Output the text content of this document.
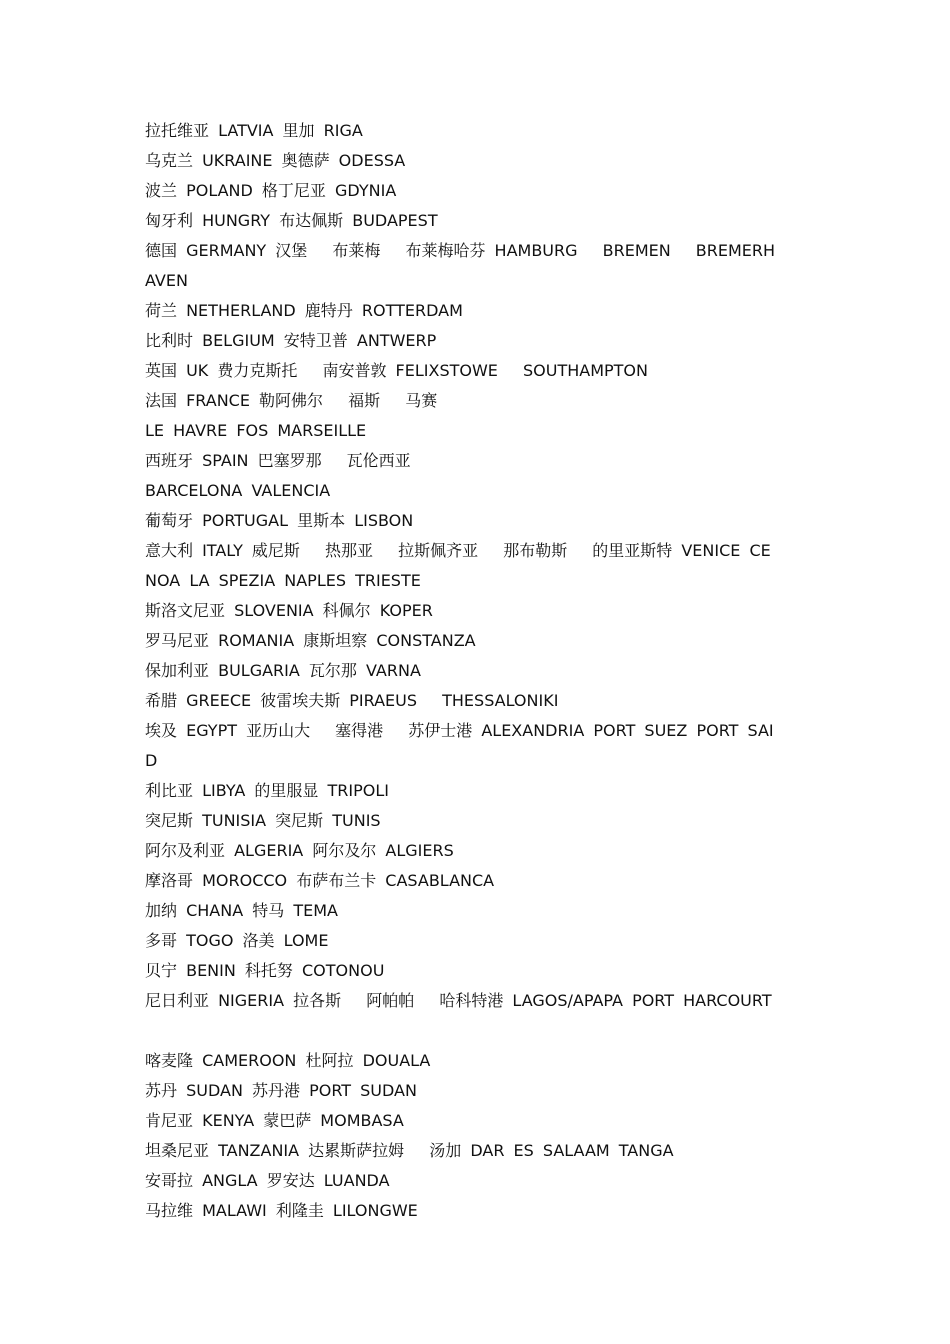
拉托维亚 LATVIA 里加 RIGA
乌克兰 UKRAINE 奥德萨 ODESSA
波兰 POLAND 格丁尼亚 GDYNIA
匈牙利 HUNGRY 布达佩斯 BUDAPEST
德国 GERMANY 汉堡 　布莱梅 　布莱梅哈芬 HAMBURG 　BREMEN 　BREMERH
AVEN
荷兰 NETHERLAND 鹿特丹 ROTTERDAM
比利时 BELGIUM 安特卫普 ANTWERP
英国 UK 费力克斯托 　南安普敦 FELIXSTOWE 　SOUTHAMPTON
法国 FRANCE 勒阿佛尔 　福斯 　马赛
LE HAVRE FOS MARSEILLE
西班牙 SPAIN 巴塞罗那 　瓦伦西亚
BARCELONA VALENCIA
葡萄牙 PORTUGAL 里斯本 LISBON
意大利 ITALY 威尼斯 　热那亚 　拉斯佩齐亚 　那布勒斯 　的里亚斯特 VENICE CE
NOA LA SPEZIA NAPLES TRIESTE
斯洛文尼亚 SLOVENIA 科佩尔 KOPER
罗马尼亚 ROMANIA 康斯坦察 CONSTANZA
保加利亚 BULGARIA 瓦尔那 VARNA
希腊 GREECE 彼雷埃夫斯 PIRAEUS 　THESSALONIKI
埃及 EGYPT 亚历山大 　塞得港 　苏伊士港 ALEXANDRIA PORT SUEZ PORT SAI
D
利比亚 LIBYA 的里服显 TRIPOLI
突尼斯 TUNISIA 突尼斯 TUNIS
阿尔及利亚 ALGERIA 阿尔及尔 ALGIERS
摩洛哥 MOROCCO 布萨布兰卡 CASABLANCA
加纳 CHANA 特马 TEMA
多哥 TOGO 洛美 LOME
贝宁 BENIN 科托努 COTONOU
尼日利亚 NIGERIA 拉各斯 　阿帕帕 　哈科特港 LAGOS/APAPA PORT HARCOURT
喀麦隆 CAMEROON 杜阿拉 DOUALA
苏丹 SUDAN 苏丹港 PORT SUDAN
肯尼亚 KENYA 蒙巴萨 MOMBASA
坦桑尼亚 TANZANIA 达累斯萨拉姆 　汤加 DAR ES SALAAM TANGA
安哥拉 ANGLA 罗安达 LUANDA
马拉维 MALAWI 利隆圭 LILONGWE
